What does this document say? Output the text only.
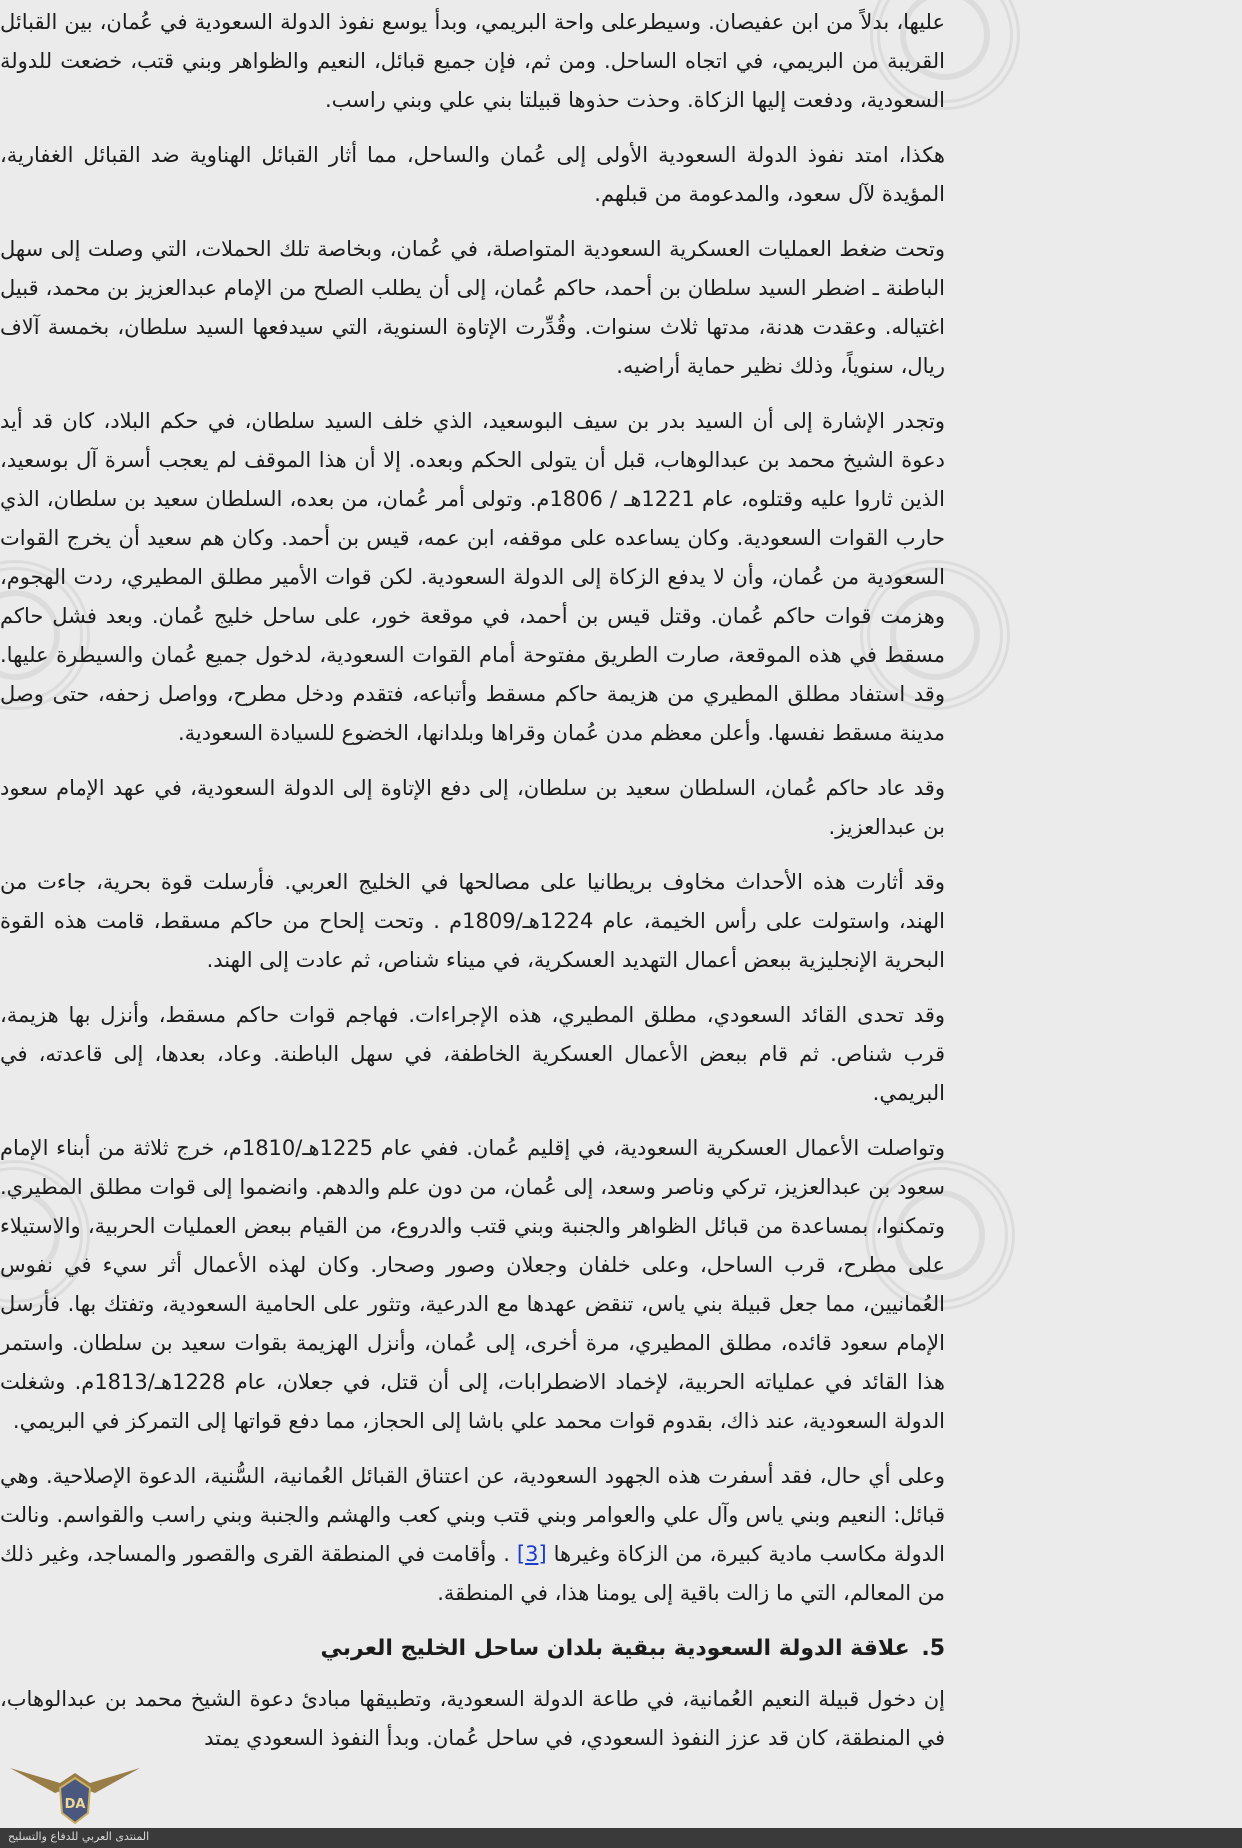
عليها، بدلاً من ابن عفيصان. وسيطرعلى واحة البريمي، وبدأ يوسع نفوذ الدولة السعودية في عُمان، بين القبائل القريبة من البريمي، في اتجاه الساحل. ومن ثم، فإن جميع قبائل، النعيم والظواهر وبني قتب، خضعت للدولة السعودية، ودفعت إليها الزكاة. وحذت حذوها قبيلتا بني علي وبني راسب.

هكذا، امتد نفوذ الدولة السعودية الأولى إلى عُمان والساحل، مما أثار القبائل الهناوية ضد القبائل الغفارية، المؤيدة لآل سعود، والمدعومة من قبلهم.

وتحت ضغط العمليات العسكرية السعودية المتواصلة، في عُمان، وبخاصة تلك الحملات، التي وصلت إلى سهل الباطنة ـ اضطر السيد سلطان بن أحمد، حاكم عُمان، إلى أن يطلب الصلح من الإمام عبدالعزيز بن محمد، قبيل اغتياله. وعقدت هدنة، مدتها ثلاث سنوات. وقُدِّرت الإتاوة السنوية، التي سيدفعها السيد سلطان، بخمسة آلاف ريال، سنوياً، وذلك نظير حماية أراضيه.

وتجدر الإشارة إلى أن السيد بدر بن سيف البوسعيد، الذي خلف السيد سلطان، في حكم البلاد، كان قد أيد دعوة الشيخ محمد بن عبدالوهاب، قبل أن يتولى الحكم وبعده. إلا أن هذا الموقف لم يعجب أسرة آل بوسعيد، الذين ثاروا عليه وقتلوه، عام 1221هـ / 1806م. وتولى أمر عُمان، من بعده، السلطان سعيد بن سلطان، الذي حارب القوات السعودية. وكان يساعده على موقفه، ابن عمه، قيس بن أحمد. وكان هم سعيد أن يخرج القوات السعودية من عُمان، وأن لا يدفع الزكاة إلى الدولة السعودية. لكن قوات الأمير مطلق المطيري، ردت الهجوم، وهزمت قوات حاكم عُمان. وقتل قيس بن أحمد، في موقعة خور، على ساحل خليج عُمان. وبعد فشل حاكم مسقط في هذه الموقعة، صارت الطريق مفتوحة أمام القوات السعودية، لدخول جميع عُمان والسيطرة عليها. وقد استفاد مطلق المطيري من هزيمة حاكم مسقط وأتباعه، فتقدم ودخل مطرح، وواصل زحفه، حتى وصل مدينة مسقط نفسها. وأعلن معظم مدن عُمان وقراها وبلدانها، الخضوع للسيادة السعودية.

وقد عاد حاكم عُمان، السلطان سعيد بن سلطان، إلى دفع الإتاوة إلى الدولة السعودية، في عهد الإمام سعود بن عبدالعزيز.

وقد أثارت هذه الأحداث مخاوف بريطانيا على مصالحها في الخليج العربي. فأرسلت قوة بحرية، جاءت من الهند، واستولت على رأس الخيمة، عام 1224هـ/1809م . وتحت إلحاح من حاكم مسقط، قامت هذه القوة البحرية الإنجليزية ببعض أعمال التهديد العسكرية، في ميناء شناص، ثم عادت إلى الهند.

وقد تحدى القائد السعودي، مطلق المطيري، هذه الإجراءات. فهاجم قوات حاكم مسقط، وأنزل بها هزيمة، قرب شناص. ثم قام ببعض الأعمال العسكرية الخاطفة، في سهل الباطنة. وعاد، بعدها، إلى قاعدته، في البريمي.

وتواصلت الأعمال العسكرية السعودية، في إقليم عُمان. ففي عام 1225هـ/1810م، خرج ثلاثة من أبناء الإمام سعود بن عبدالعزيز، تركي وناصر وسعد، إلى عُمان، من دون علم والدهم. وانضموا إلى قوات مطلق المطيري. وتمكنوا، بمساعدة من قبائل الظواهر والجنبة وبني قتب والدروع، من القيام ببعض العمليات الحربية، والاستيلاء على مطرح، قرب الساحل، وعلى خلفان وجعلان وصور وصحار. وكان لهذه الأعمال أثر سيء في نفوس العُمانيين، مما جعل قبيلة بني ياس، تنقض عهدها مع الدرعية، وتثور على الحامية السعودية، وتفتك بها. فأرسل الإمام سعود قائده، مطلق المطيري، مرة أخرى، إلى عُمان، وأنزل الهزيمة بقوات سعيد بن سلطان. واستمر هذا القائد في عملياته الحربية، لإخماد الاضطرابات، إلى أن قتل، في جعلان، عام 1228هـ/1813م. وشغلت الدولة السعودية، عند ذاك، بقدوم قوات محمد علي باشا إلى الحجاز، مما دفع قواتها إلى التمركز في البريمي.

وعلى أي حال، فقد أسفرت هذه الجهود السعودية، عن اعتناق القبائل العُمانية، السُّنية، الدعوة الإصلاحية. وهي قبائل: النعيم وبني ياس وآل علي والعوامر وبني قتب وبني كعب والهشم والجنبة وبني راسب والقواسم. ونالت الدولة مكاسب مادية كبيرة، من الزكاة وغيرها [3] . وأقامت في المنطقة القرى والقصور والمساجد، وغير ذلك من المعالم، التي ما زالت باقية إلى يومنا هذا، في المنطقة.

5. علاقة الدولة السعودية ببقية بلدان ساحل الخليج العربي

إن دخول قبيلة النعيم العُمانية، في طاعة الدولة السعودية، وتطبيقها مبادئ دعوة الشيخ محمد بن عبدالوهاب، في المنطقة، كان قد عزز النفوذ السعودي، في ساحل عُمان. وبدأ النفوذ السعودي يمتد

DA
المنتدى العربي للدفاع والتسليح
